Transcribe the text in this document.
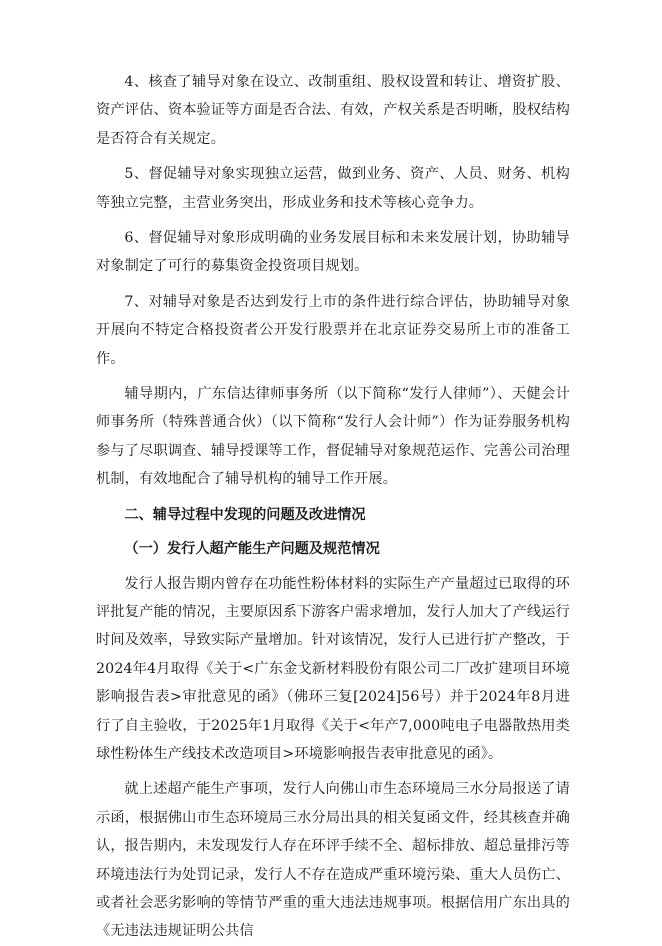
4、核查了辅导对象在设立、改制重组、股权设置和转让、增资扩股、资产评估、资本验证等方面是否合法、有效，产权关系是否明晰，股权结构是否符合有关规定。

5、督促辅导对象实现独立运营，做到业务、资产、人员、财务、机构等独立完整，主营业务突出，形成业务和技术等核心竞争力。

6、督促辅导对象形成明确的业务发展目标和未来发展计划，协助辅导对象制定了可行的募集资金投资项目规划。

7、对辅导对象是否达到发行上市的条件进行综合评估，协助辅导对象开展向不特定合格投资者公开发行股票并在北京证券交易所上市的准备工作。

辅导期内，广东信达律师事务所（以下简称“发行人律师”）、天健会计师事务所（特殊普通合伙）（以下简称“发行人会计师”）作为证券服务机构参与了尽职调查、辅导授课等工作，督促辅导对象规范运作、完善公司治理机制，有效地配合了辅导机构的辅导工作开展。

二、辅导过程中发现的问题及改进情况

（一）发行人超产能生产问题及规范情况

发行人报告期内曾存在功能性粉体材料的实际生产产量超过已取得的环评批复产能的情况，主要原因系下游客户需求增加，发行人加大了产线运行时间及效率，导致实际产量增加。针对该情况，发行人已进行扩产整改，于2024年4月取得《关于<广东金戈新材料股份有限公司二厂改扩建项目环境影响报告表>审批意见的函》（佛环三复[2024]56号）并于2024年8月进行了自主验收，于2025年1月取得《关于<年产7,000吨电子电器散热用类球性粉体生产线技术改造项目>环境影响报告表审批意见的函》。

就上述超产能生产事项，发行人向佛山市生态环境局三水分局报送了请示函，根据佛山市生态环境局三水分局出具的相关复函文件，经其核查并确认，报告期内，未发现发行人存在环评手续不全、超标排放、超总量排污等环境违法行为处罚记录，发行人不存在造成严重环境污染、重大人员伤亡、或者社会恶劣影响的等情节严重的重大违法违规事项。根据信用广东出具的《无违法违规证明公共信
